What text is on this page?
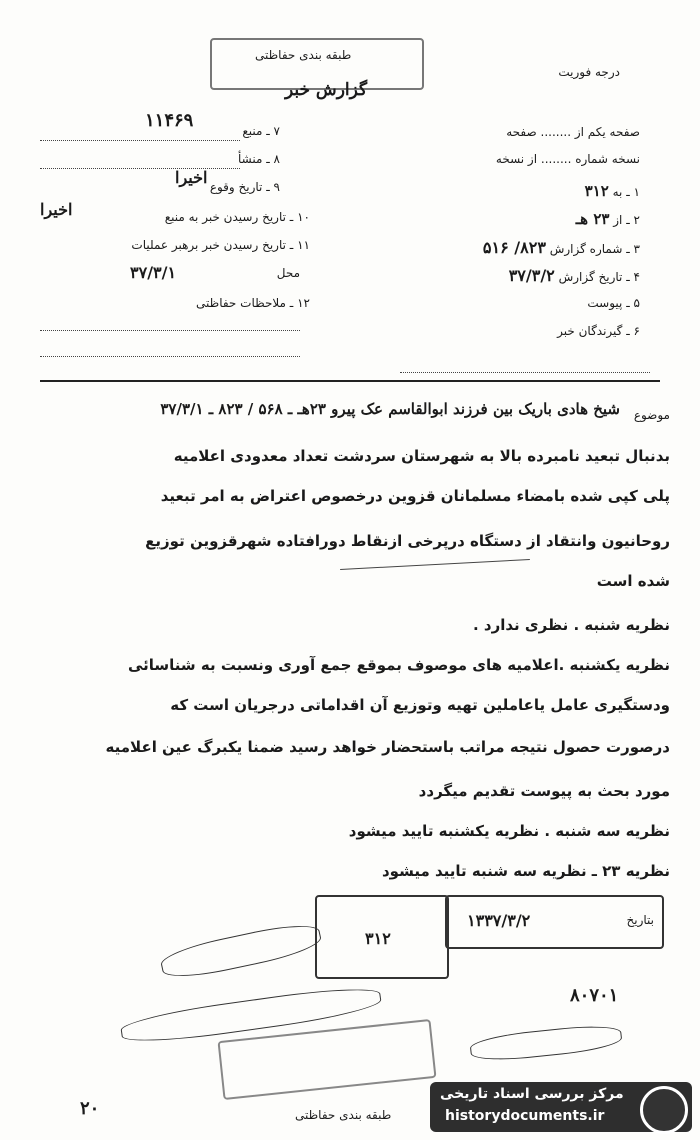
طبقه بندی حفاظتی
گزارش خبر
درجه فوریت
۱۱۴۶۹	۷ ـ منبع
۸ ـ منشأ
۹ ـ تاریخ وقوع
اخیرا
۱۰ ـ تاریخ رسیدن خبر به منبع
اخیرا
۱۱ ـ تاریخ رسیدن خبر برهبر عملیات
محل
۳۷/۳/۱
۱۲ ـ ملاحظات حفاظتی
صفحه یکم از ........ صفحه
نسخه شماره ........ از نسخه
۱ ـ به ۳۱۲
۲ ـ از ۲۳ هـ
۳ ـ شماره گزارش ۸۲۳/ ۵۱۶
۴ ـ تاریخ گزارش ۳۷/۳/۲
۵ ـ پیوست
۶ ـ گیرندگان خبر
موضوع
شیخ هادی باریک بین فرزند ابوالقاسم عک پیرو ۲۳هـ ـ ۵۶۸ / ۸۲۳ ـ ۳۷/۳/۱
بدنبال تبعید نامبرده بالا به شهرستان سردشت تعداد معدودی اعلامیه
پلی کپی شده بامضاء مسلمانان قزوین درخصوص اعتراض به امر تبعید
روحانیون وانتقاد از دستگاه درپرخی ازنقاط دورافتاده شهرقزوین توزیع
شده است
نظریه شنبه . نظری ندارد .
نظریه یکشنبه .اعلامیه های موصوف بموقع جمع آوری ونسبت به شناسائی
ودستگیری عامل یاعاملین تهیه وتوزیع آن اقداماتی درجریان است که
درصورت حصول نتیجه مراتب باستحضار خواهد رسید ضمنا یکبرگ عین اعلامیه
مورد بحث به پیوست تقدیم میگردد
نظریه سه شنبه . نظریه یکشنبه تایید میشود
نظریه ۲۳ ـ نظریه سه شنبه تایید میشود
بتاریخ
۱۳۳۷/۳/۲
۳۱۲
۸۰۷۰۱
طبقه بندی حفاظتی
۲۰
مرکز بررسی اسناد تاریخی
historydocuments.ir
